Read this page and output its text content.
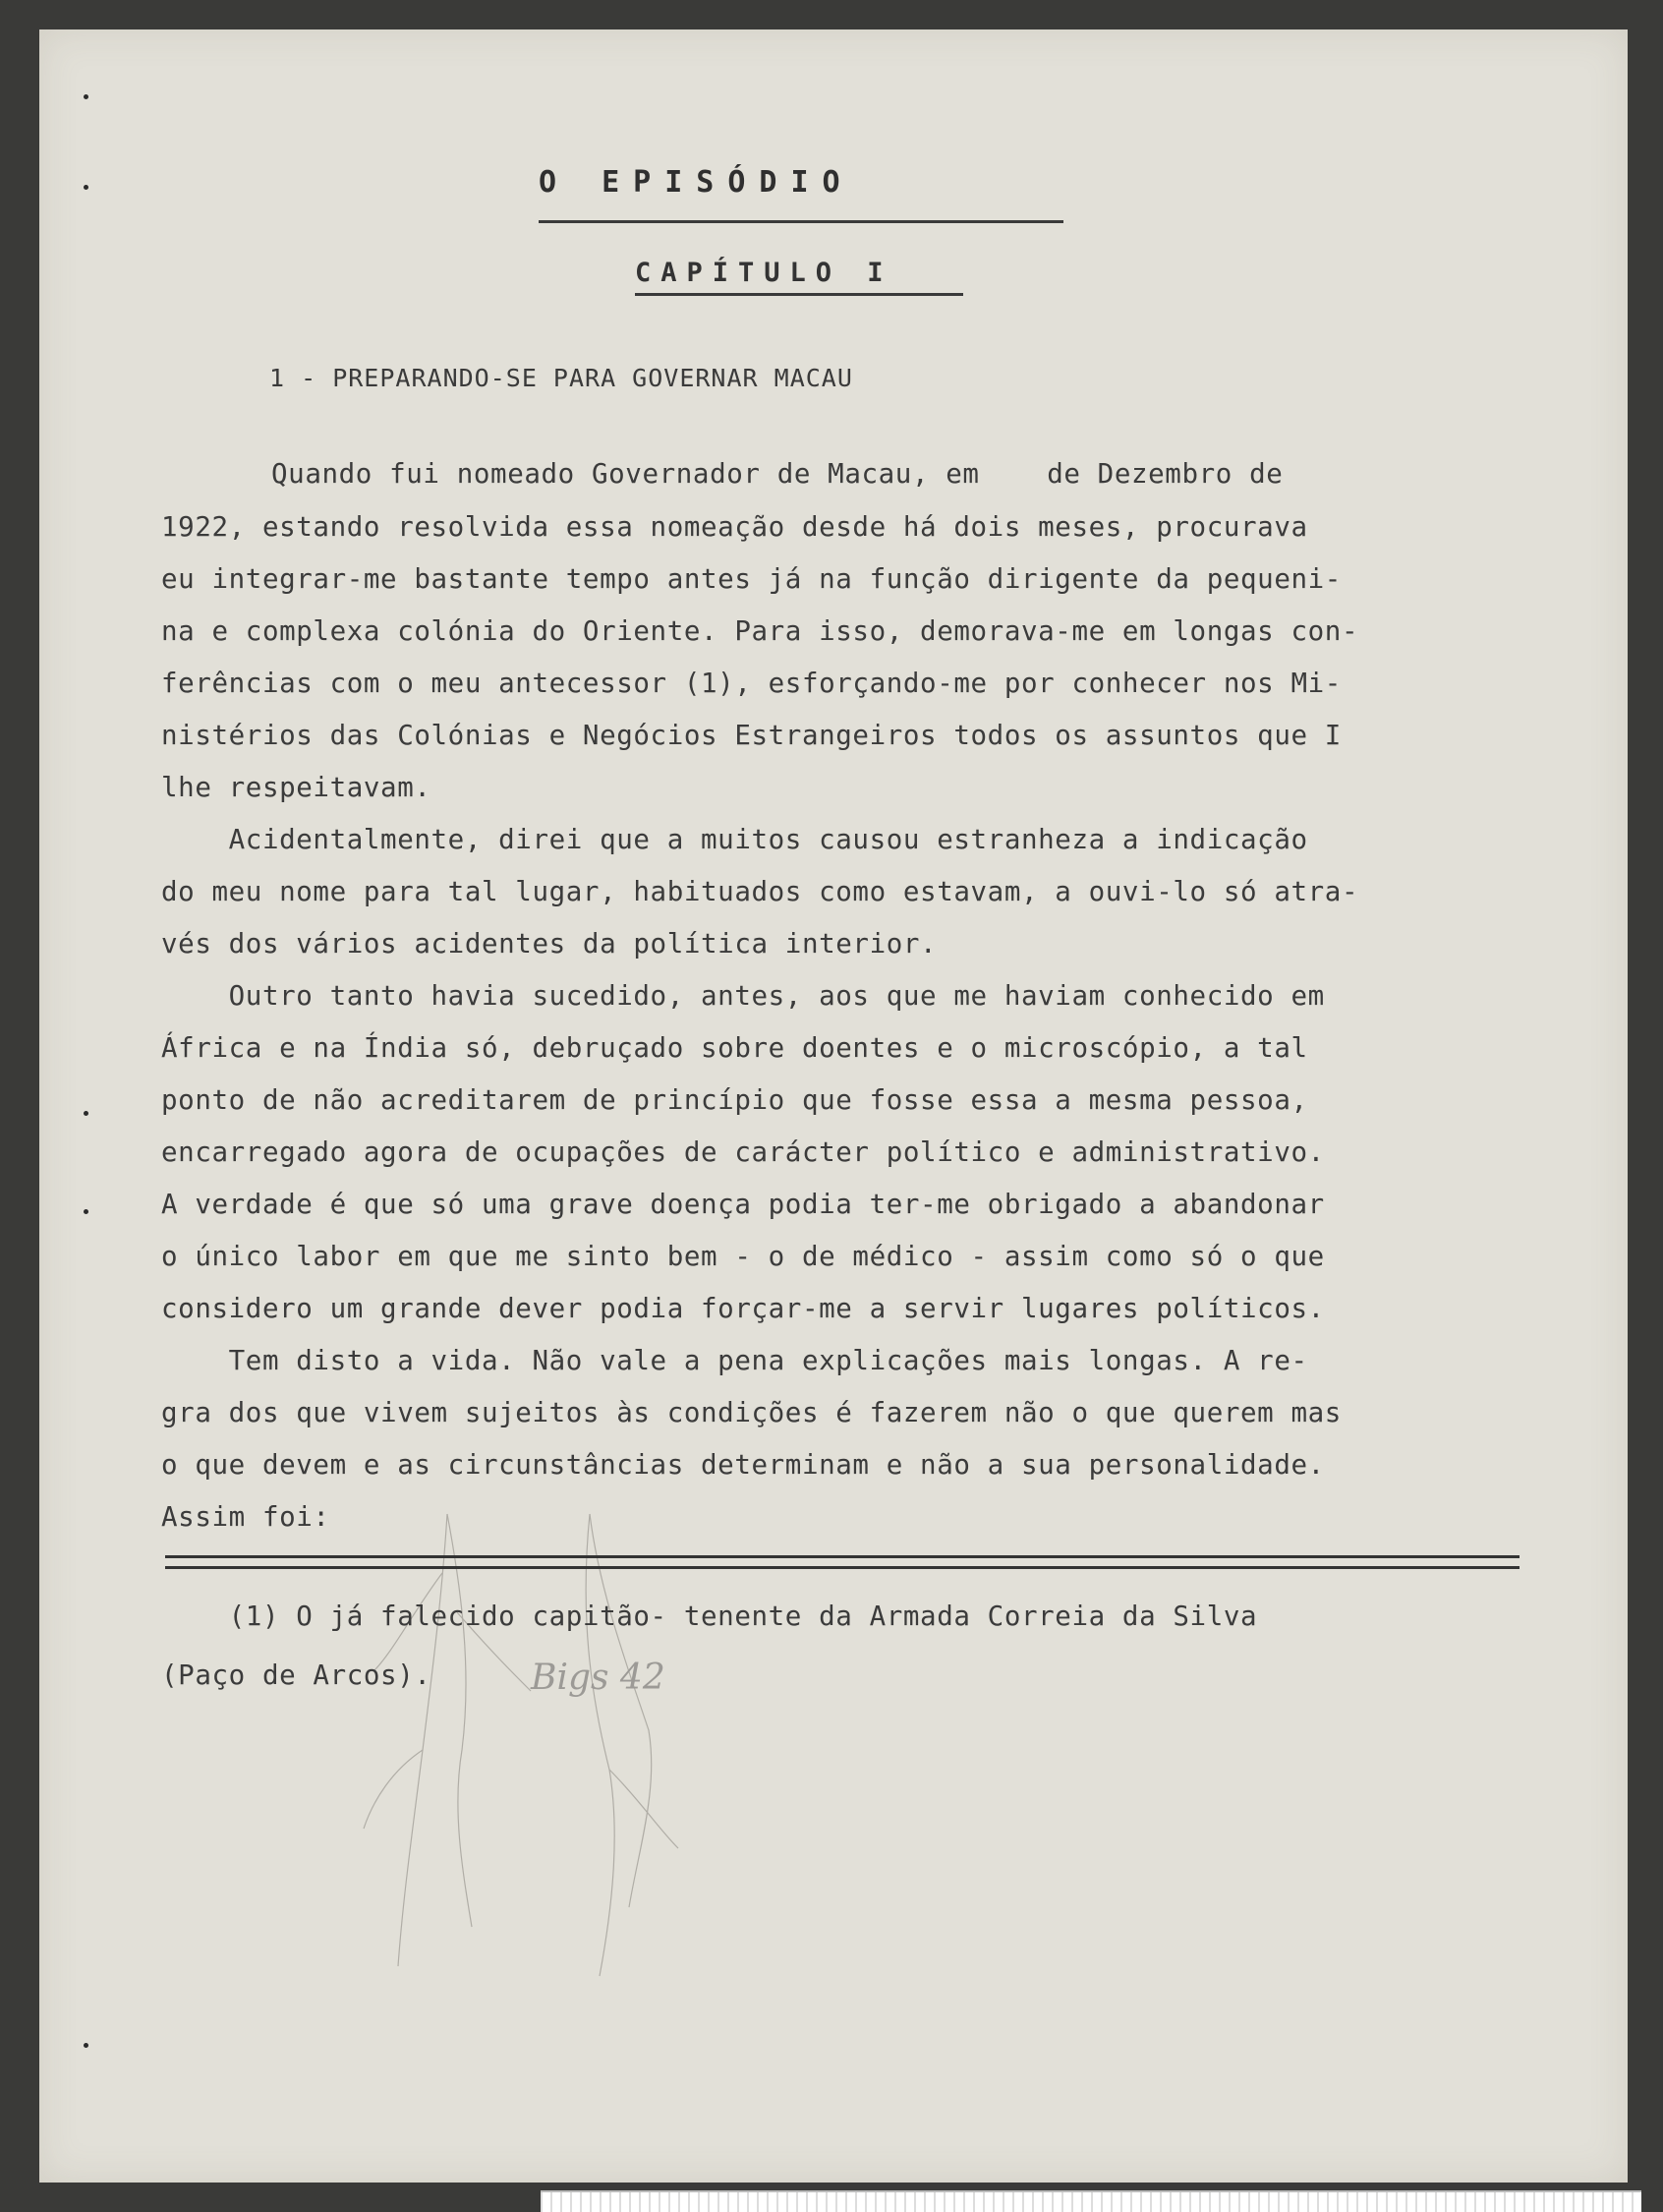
O EPISÓDIO
CAPÍTULO I
1 - PREPARANDO-SE PARA GOVERNAR MACAU
Quando fui nomeado Governador de Macau, em    de Dezembro de
1922, estando resolvida essa nomeação desde há dois meses, procurava
eu integrar-me bastante tempo antes já na função dirigente da pequeni-
na e complexa colónia do Oriente. Para isso, demorava-me em longas con-
ferências com o meu antecessor (1), esforçando-me por conhecer nos Mi-
nistérios das Colónias e Negócios Estrangeiros todos os assuntos que I
lhe respeitavam.
Acidentalmente, direi que a muitos causou estranheza a indicação
do meu nome para tal lugar, habituados como estavam, a ouvi-lo só atra-
vés dos vários acidentes da política interior.
Outro tanto havia sucedido, antes, aos que me haviam conhecido em
África e na Índia só, debruçado sobre doentes e o microscópio, a tal
ponto de não acreditarem de princípio que fosse essa a mesma pessoa,
encarregado agora de ocupações de carácter político e administrativo.
A verdade é que só uma grave doença podia ter-me obrigado a abandonar
o único labor em que me sinto bem - o de médico - assim como só o que
considero um grande dever podia forçar-me a servir lugares políticos.
Tem disto a vida. Não vale a pena explicações mais longas. A re-
gra dos que vivem sujeitos às condições é fazerem não o que querem mas
o que devem e as circunstâncias determinam e não a sua personalidade.
Assim foi:
(1) O já falecido capitão- tenente da Armada Correia da Silva
(Paço de Arcos).	Bigs 42
